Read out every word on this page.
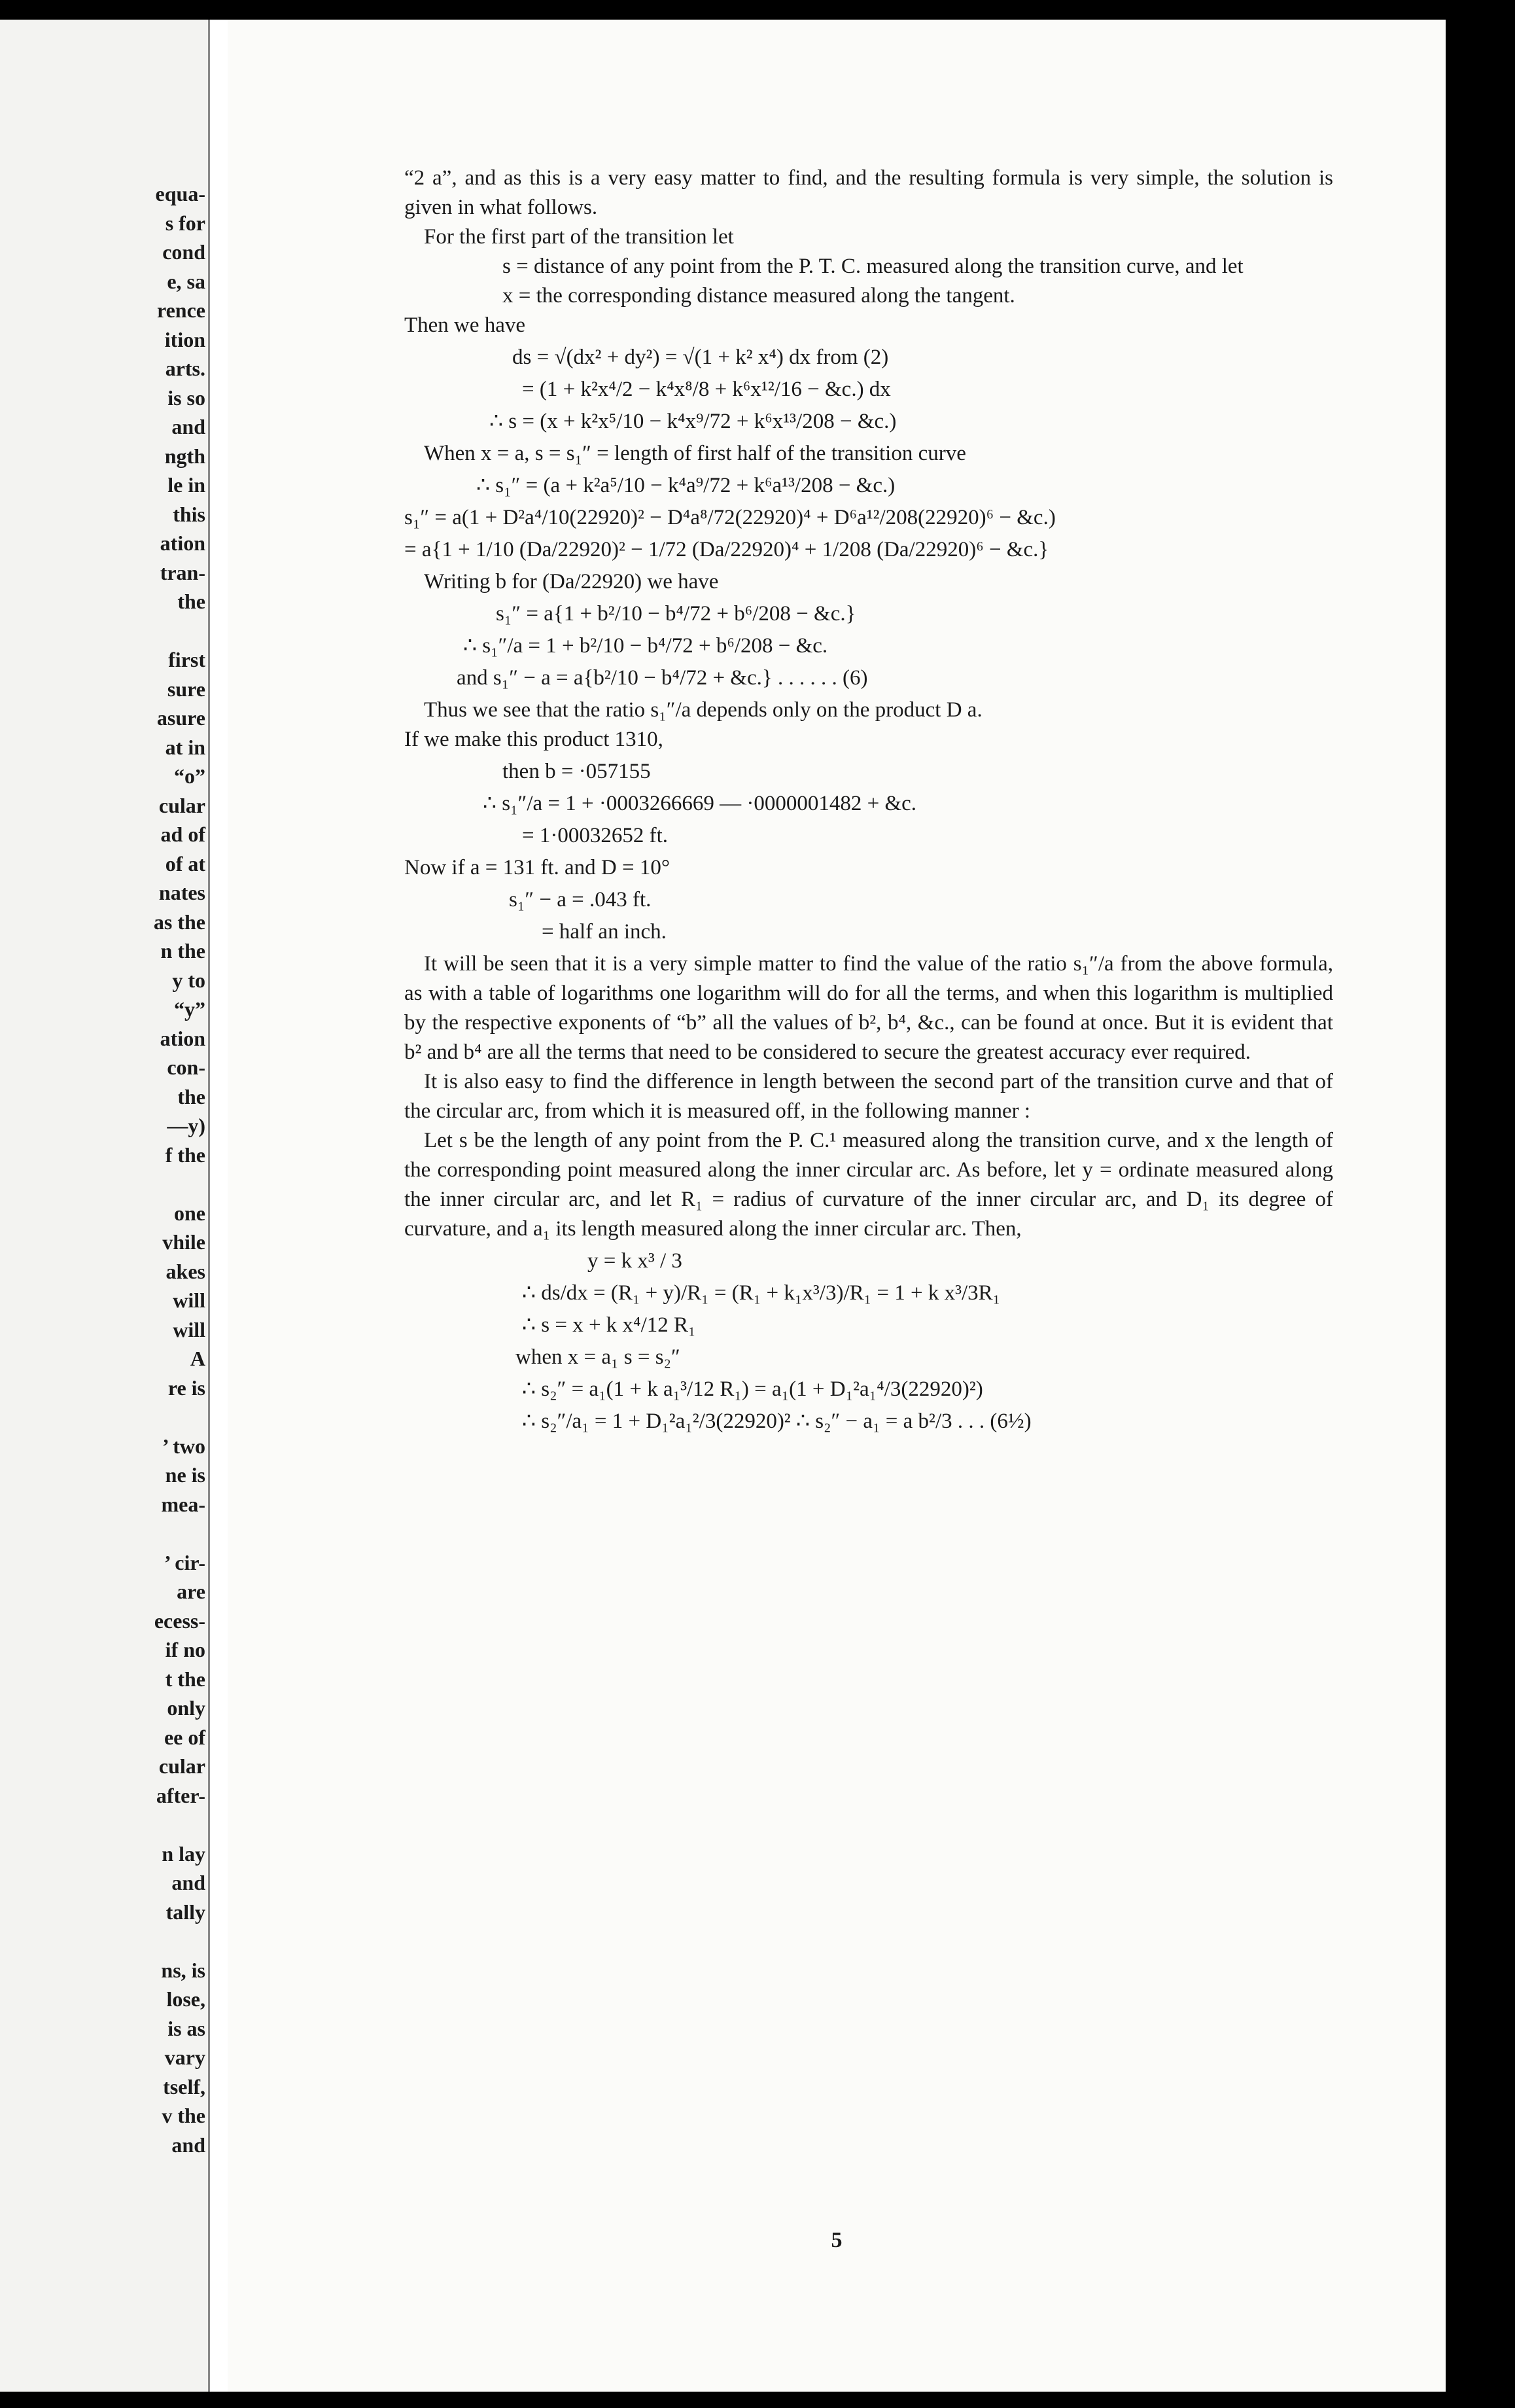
equa-
s for
cond
e, sa
rence
ition
arts.
is so
and
ngth
le in
this
ation
tran-
the
first
sure
asure
at in
“o”
cular
ad of
of at
nates
as the
n the
y to
“y”
ation
con-
the
—y)
f the
one
vhile
akes
will
will
A
re is
’ two
ne is
mea-
’ cir-
are
ecess-
if no
t the
only
ee of
cular
after-
n lay
and
tally
ns, is
lose,
is as
vary
tself,
v the
and

“2 a”, and as this is a very easy matter to find, and the resulting formula is very simple, the solution is given in what follows.

For the first part of the transition let

s = distance of any point from the P. T. C. measured along the transition curve, and let

x = the corresponding distance measured along the tangent.

Then we have

ds = √(dx² + dy²) = √(1 + k² x⁴) dx from (2)
= (1 + k²x⁴/2 − k⁴x⁸/8 + k⁶x¹²/16 − &c.) dx
∴ s = (x + k²x⁵/10 − k⁴x⁹/72 + k⁶x¹³/208 − &c.)

When x = a, s = s₁″ = length of first half of the transition curve

∴ s₁″ = (a + k²a⁵/10 − k⁴a⁹/72 + k⁶a¹³/208 − &c.)
s₁″ = a(1 + D²a⁴/10(22920)² − D⁴a⁸/72(22920)⁴ + D⁶a¹²/208(22920)⁶ − &c.)
= a{1 + 1/10 (Da/22920)² − 1/72 (Da/22920)⁴ + 1/208 (Da/22920)⁶ − &c.}

Writing b for (Da/22920) we have

s₁″ = a{1 + b²/10 − b⁴/72 + b⁶/208 − &c.}
∴ s₁″/a = 1 + b²/10 − b⁴/72 + b⁶/208 − &c.
and s₁″ − a = a{b²/10 − b⁴/72 + &c.} . . . . . . (6)

Thus we see that the ratio s₁″/a depends only on the product D a.

If we make this product 1310,

then b = ·057155
∴ s₁″/a = 1 + ·0003266669 — ·0000001482 + &c.
= 1·00032652 ft.

Now if a = 131 ft. and D = 10°

s₁″ − a = .043 ft.
= half an inch.

It will be seen that it is a very simple matter to find the value of the ratio s₁″/a from the above formula, as with a table of logarithms one logarithm will do for all the terms, and when this logarithm is multiplied by the respective exponents of “b” all the values of b², b⁴, &c., can be found at once. But it is evident that b² and b⁴ are all the terms that need to be considered to secure the greatest accuracy ever required.

It is also easy to find the difference in length between the second part of the transition curve and that of the circular arc, from which it is measured off, in the following manner :

Let s be the length of any point from the P. C.¹ measured along the transition curve, and x the length of the corresponding point measured along the inner circular arc. As before, let y = ordinate measured along the inner circular arc, and let R₁ = radius of curvature of the inner circular arc, and D₁ its degree of curvature, and a₁ its length measured along the inner circular arc. Then,

y = k x³ / 3
∴ ds/dx = (R₁ + y)/R₁ = (R₁ + k₁x³/3)/R₁ = 1 + k x³/3R₁
∴ s = x + k x⁴/12 R₁

when x = a₁ s = s₂″

∴ s₂″ = a₁(1 + k a₁³/12 R₁) = a₁(1 + D₁²a₁⁴/3(22920)²)
∴ s₂″/a₁ = 1 + D₁²a₁²/3(22920)² ∴ s₂″ − a₁ = a b²/3 . . . (6½)
5
